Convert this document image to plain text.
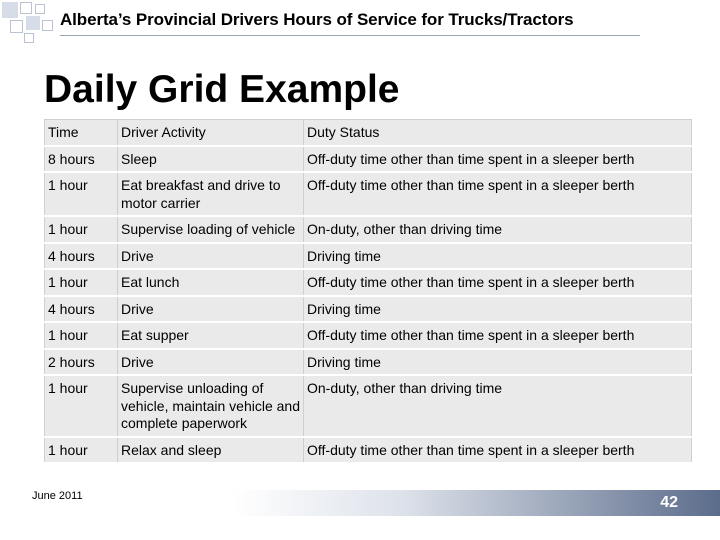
Alberta’s Provincial Drivers Hours of Service for Trucks/Tractors
Daily Grid Example
Time	Driver Activity	Duty Status
8 hours	Sleep	Off-duty time other than time spent in a sleeper berth
1 hour	Eat breakfast and drive to motor carrier	Off-duty time other than time spent in a sleeper berth
1 hour	Supervise loading of vehicle	On-duty, other than driving time
4 hours	Drive	Driving time
1 hour	Eat lunch	Off-duty time other than time spent in a sleeper berth
4 hours	Drive	Driving time
1 hour	Eat supper	Off-duty time other than time spent in a sleeper berth
2 hours	Drive	Driving time
1 hour	Supervise unloading of vehicle, maintain vehicle and complete paperwork	On-duty, other than driving time
1 hour	Relax and sleep	Off-duty time other than time spent in a sleeper berth
June 2011	42
